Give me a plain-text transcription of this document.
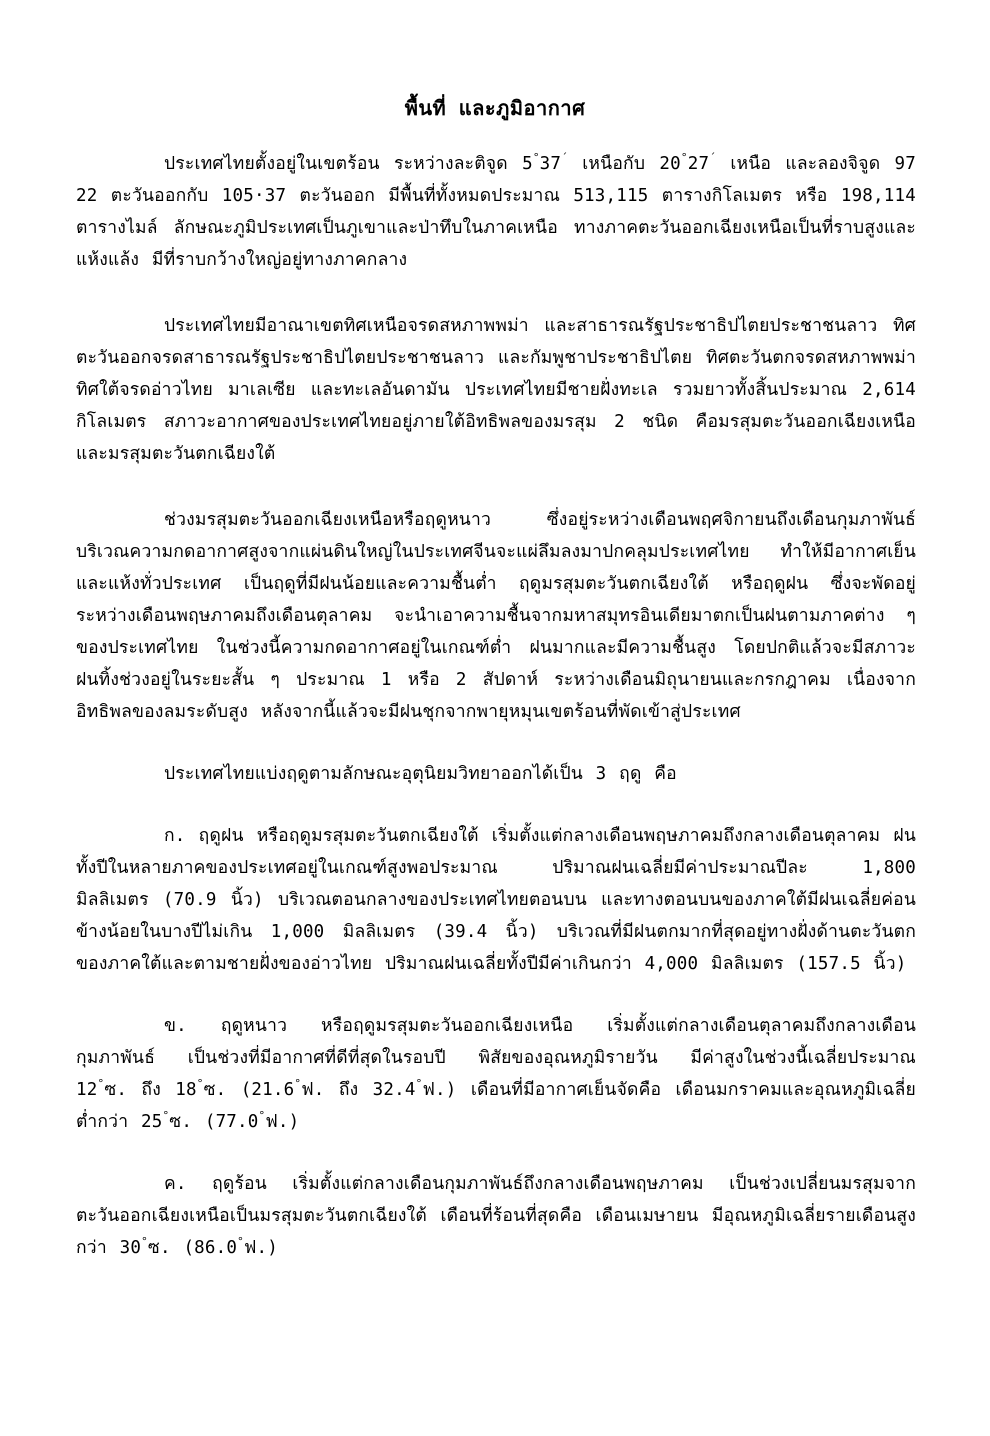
พื้นที่ และภูมิอากาศ

ประเทศไทยตั้งอยู่ในเขตร้อน ระหว่างละติจูด 5°37´ เหนือกับ 20°27´ เหนือ และลองจิจูด 97 22 ตะวันออกกับ 105·37 ตะวันออก มีพื้นที่ทั้งหมดประมาณ 513,115 ตารางกิโลเมตร หรือ 198,114 ตารางไมล์ ลักษณะภูมิประเทศเป็นภูเขาและป่าทึบในภาคเหนือ ทางภาคตะวันออกเฉียงเหนือเป็นที่ราบสูงและแห้งแล้ง มีที่ราบกว้างใหญ่อยู่ทางภาคกลาง

ประเทศไทยมีอาณาเขตทิศเหนือจรดสหภาพพม่า และสาธารณรัฐประชาธิปไตยประชาชนลาว ทิศตะวันออกจรดสาธารณรัฐประชาธิปไตยประชาชนลาว และกัมพูชาประชาธิปไตย ทิศตะวันตกจรดสหภาพพม่า ทิศใต้จรดอ่าวไทย มาเลเซีย และทะเลอันดามัน ประเทศไทยมีชายฝั่งทะเล รวมยาวทั้งสิ้นประมาณ 2,614 กิโลเมตร สภาวะอากาศของประเทศไทยอยู่ภายใต้อิทธิพลของมรสุม 2 ชนิด คือมรสุมตะวันออกเฉียงเหนือและมรสุมตะวันตกเฉียงใต้

ช่วงมรสุมตะวันออกเฉียงเหนือหรือฤดูหนาว ซึ่งอยู่ระหว่างเดือนพฤศจิกายนถึงเดือนกุมภาพันธ์ บริเวณความกดอากาศสูงจากแผ่นดินใหญ่ในประเทศจีนจะแผ่ลึมลงมาปกคลุมประเทศไทย ทำให้มีอากาศเย็นและแห้งทั่วประเทศ เป็นฤดูที่มีฝนน้อยและความชื้นต่ำ ฤดูมรสุมตะวันตกเฉียงใต้ หรือฤดูฝน ซึ่งจะพัดอยู่ระหว่างเดือนพฤษภาคมถึงเดือนตุลาคม จะนำเอาความชื้นจากมหาสมุทรอินเดียมาตกเป็นฝนตามภาคต่าง ๆ ของประเทศไทย ในช่วงนี้ความกดอากาศอยู่ในเกณฑ์ต่ำ ฝนมากและมีความชื้นสูง โดยปกติแล้วจะมีสภาวะฝนทิ้งช่วงอยู่ในระยะสั้น ๆ ประมาณ 1 หรือ 2 สัปดาห์ ระหว่างเดือนมิถุนายนและกรกฎาคม เนื่องจากอิทธิพลของลมระดับสูง หลังจากนี้แล้วจะมีฝนชุกจากพายุหมุนเขตร้อนที่พัดเข้าสู่ประเทศ

ประเทศไทยแบ่งฤดูตามลักษณะอุตุนิยมวิทยาออกได้เป็น 3 ฤดู คือ

ก. ฤดูฝน หรือฤดูมรสุมตะวันตกเฉียงใต้ เริ่มตั้งแต่กลางเดือนพฤษภาคมถึงกลางเดือนตุลาคม ฝนทั้งปีในหลายภาคของประเทศอยู่ในเกณฑ์สูงพอประมาณ ปริมาณฝนเฉลี่ยมีค่าประมาณปีละ 1,800 มิลลิเมตร (70.9 นิ้ว) บริเวณตอนกลางของประเทศไทยตอนบน และทางตอนบนของภาคใต้มีฝนเฉลี่ยค่อนข้างน้อยในบางปีไม่เกิน 1,000 มิลลิเมตร (39.4 นิ้ว) บริเวณที่มีฝนตกมากที่สุดอยู่ทางฝั่งด้านตะวันตกของภาคใต้และตามชายฝั่งของอ่าวไทย ปริมาณฝนเฉลี่ยทั้งปีมีค่าเกินกว่า 4,000 มิลลิเมตร (157.5 นิ้ว)

ข. ฤดูหนาว หรือฤดูมรสุมตะวันออกเฉียงเหนือ เริ่มตั้งแต่กลางเดือนตุลาคมถึงกลางเดือนกุมภาพันธ์ เป็นช่วงที่มีอากาศที่ดีที่สุดในรอบปี พิสัยของอุณหภูมิรายวัน มีค่าสูงในช่วงนี้เฉลี่ยประมาณ 12°ซ. ถึง 18°ซ. (21.6°ฟ. ถึง 32.4°ฟ.) เดือนที่มีอากาศเย็นจัดคือ เดือนมกราคมและอุณหภูมิเฉลี่ยต่ำกว่า 25°ซ. (77.0°ฟ.)

ค. ฤดูร้อน เริ่มตั้งแต่กลางเดือนกุมภาพันธ์ถึงกลางเดือนพฤษภาคม เป็นช่วงเปลี่ยนมรสุมจากตะวันออกเฉียงเหนือเป็นมรสุมตะวันตกเฉียงใต้ เดือนที่ร้อนที่สุดคือ เดือนเมษายน มีอุณหภูมิเฉลี่ยรายเดือนสูงกว่า 30°ซ. (86.0°ฟ.)
